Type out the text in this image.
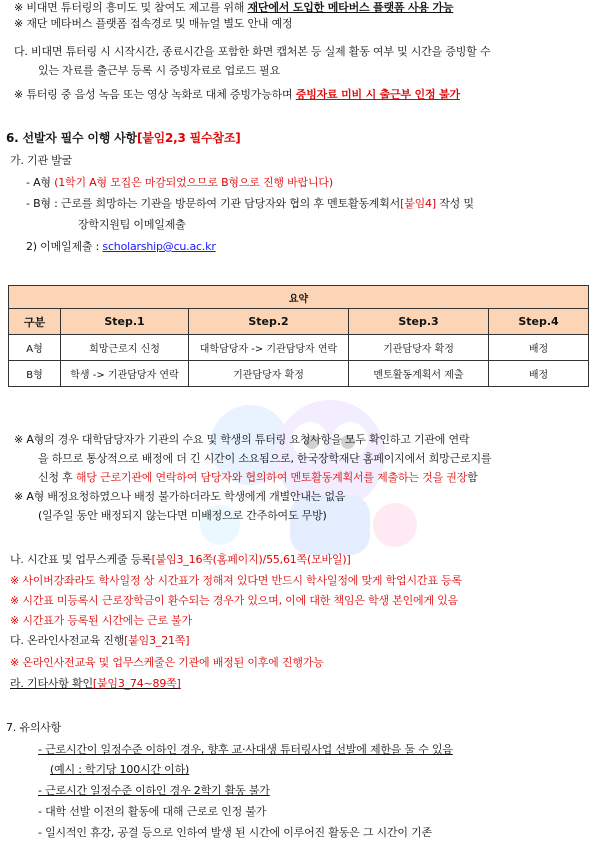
※ 비대면 튜터링의 흥미도 및 참여도 제고를 위해 재단에서 도입한 메타버스 플랫폼 사용 가능
※ 재단 메타버스 플랫폼 접속경로 및 매뉴얼 별도 안내 예정
다. 비대면 튜터링 시 시작시간, 종료시간을 포함한 화면 캡처본 등 실제 활동 여부 및 시간을 증빙할 수
있는 자료를 출근부 등록 시 증빙자료로 업로드 필요
※ 튜터링 중 음성 녹음 또는 영상 녹화로 대체 증빙가능하며 증빙자료 미비 시 출근부 인정 불가
6. 선발자 필수 이행 사항[붙임2,3 필수참조]
가. 기관 발굴
- A형 (1학기 A형 모집은 마감되었으므로 B형으로 진행 바랍니다)
- B형 : 근로를 희망하는 기관을 방문하여 기관 담당자와 협의 후 멘토활동계획서[붙임4] 작성 및
장학지원팀 이메일제출
2) 이메일제출 : scholarship@cu.ac.kr
요약				
구분	Step.1	Step.2	Step.3	Step.4
A형	희망근로지 신청	대학담당자 -> 기관담당자 연락	기관담당자 확정	배정
B형	학생 -> 기관담당자 연락	기관담당자 확정	멘토활동계획서 제출	배정
※ A형의 경우 대학담당자가 기관의 수요 및 학생의 튜터링 요청사항을 모두 확인하고 기관에 연락
을 하므로 통상적으로 배정에 더 긴 시간이 소요됨으로, 한국장학재단 홈페이지에서 희망근로지를
신청 후 해당 근로기관에 연락하여 담당자와 협의하여 멘토활동계획서를 제출하는 것을 권장함
※ A형 배정요청하였으나 배정 불가하더라도 학생에게 개별안내는 없음
(일주일 동안 배정되지 않는다면 미배정으로 간주하여도 무방)
나. 시간표 및 업무스케줄 등록[붙임3_16쪽(홈페이지)/55,61쪽(모바일)]
※ 사이버강좌라도 학사일정 상 시간표가 정해져 있다면 반드시 학사일정에 맞게 학업시간표 등록
※ 시간표 미등록시 근로장학금이 환수되는 경우가 있으며, 이에 대한 책임은 학생 본인에게 있음
※ 시간표가 등록된 시간에는 근로 불가
다. 온라인사전교육 진행[붙임3_21쪽]
※ 온라인사전교육 및 업무스케줄은 기관에 배정된 이후에 진행가능
라. 기타사항 확인[붙임3_74~89쪽]
7. 유의사항
- 근로시간이 일정수준 이하인 경우, 향후 교·사대생 튜터링사업 선발에 제한을 둘 수 있음
(예시 : 학기당 100시간 이하)
- 근로시간 일정수준 이하인 경우 2학기 활동 불가
- 대학 선발 이전의 활동에 대해 근로로 인정 불가
- 일시적인 휴강, 공결 등으로 인하여 발생 된 시간에 이루어진 활동은 그 시간이 기존
